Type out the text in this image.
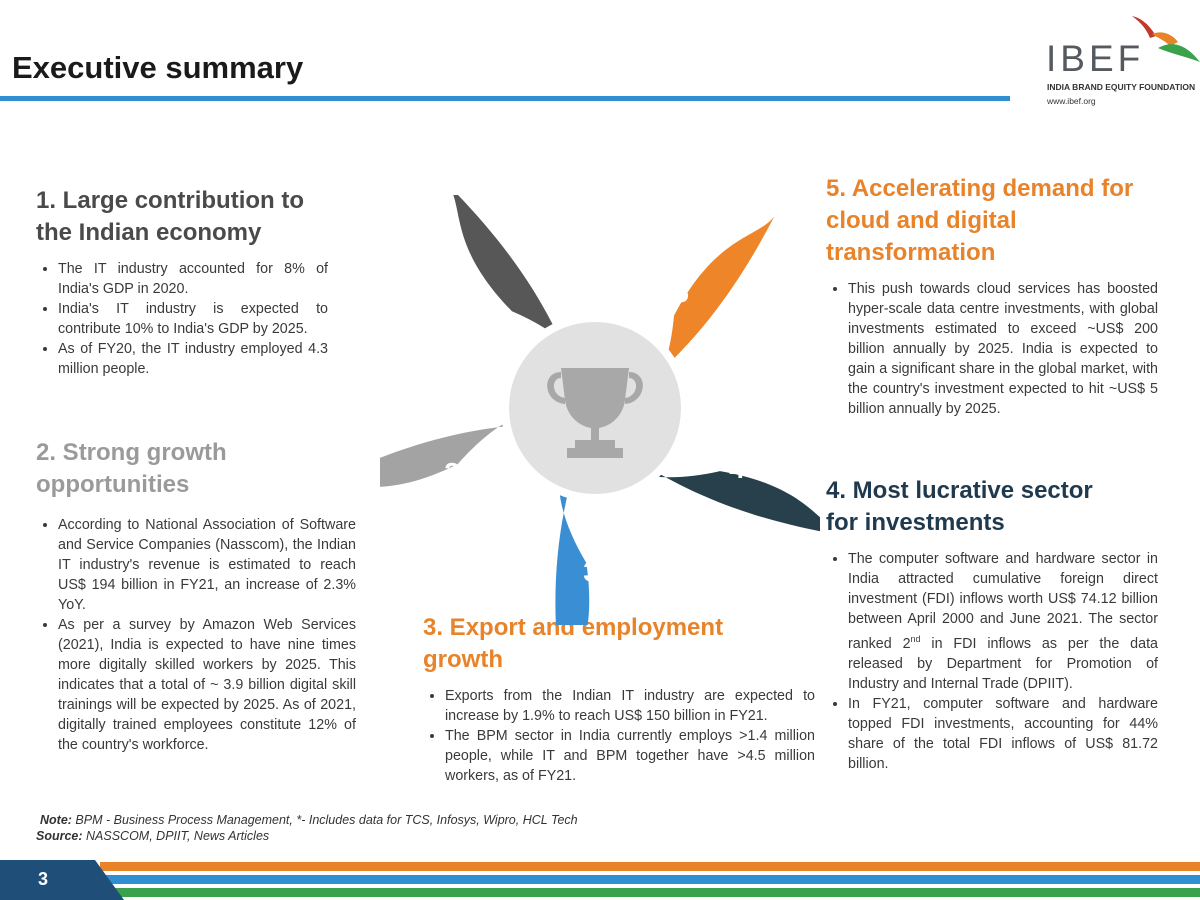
Executive summary	IBEF
INDIA BRAND EQUITY FOUNDATION
www.ibef.org
1. Large contribution to
the Indian economy
• The IT industry accounted for 8% of India's GDP in 2020.
• India's IT industry is expected to contribute 10% to India's GDP by 2025.
• As of FY20, the IT industry employed 4.3 million people.
2. Strong growth
opportunities
• According to National Association of Software and Service Companies (Nasscom), the Indian IT industry's revenue is estimated to reach US$ 194 billion in FY21, an increase of 2.3% YoY.
• As per a survey by Amazon Web Services (2021), India is expected to have nine times more digitally skilled workers by 2025. This indicates that a total of ~ 3.9 billion digital skill trainings will be expected by 2025. As of 2021, digitally trained employees constitute 12% of the country's workforce.
3. Export and employment
growth
• Exports from the Indian IT industry are expected to increase by 1.9% to reach US$ 150 billion in FY21.
• The BPM sector in India currently employs >1.4 million people, while IT and BPM together have >4.5 million workers, as of FY21.
5. Accelerating demand for
cloud and digital
transformation
• This push towards cloud services has boosted hyper-scale data centre investments, with global investments estimated to exceed ~US$ 200 billion annually by 2025. India is expected to gain a significant share in the global market, with the country's investment expected to hit ~US$ 5 billion annually by 2025.
4. Most lucrative sector
for investments
• The computer software and hardware sector in India attracted cumulative foreign direct investment (FDI) inflows worth US$ 74.12 billion between April 2000 and June 2021. The sector ranked 2nd in FDI inflows as per the data released by Department for Promotion of Industry and Internal Trade (DPIIT).
• In FY21, computer software and hardware topped FDI investments, accounting for 44% share of the total FDI inflows of US$ 81.72 billion.
1
2
3
4
5
Note: BPM - Business Process Management, *- Includes data for TCS, Infosys, Wipro, HCL Tech
Source: NASSCOM, DPIIT, News Articles
3
